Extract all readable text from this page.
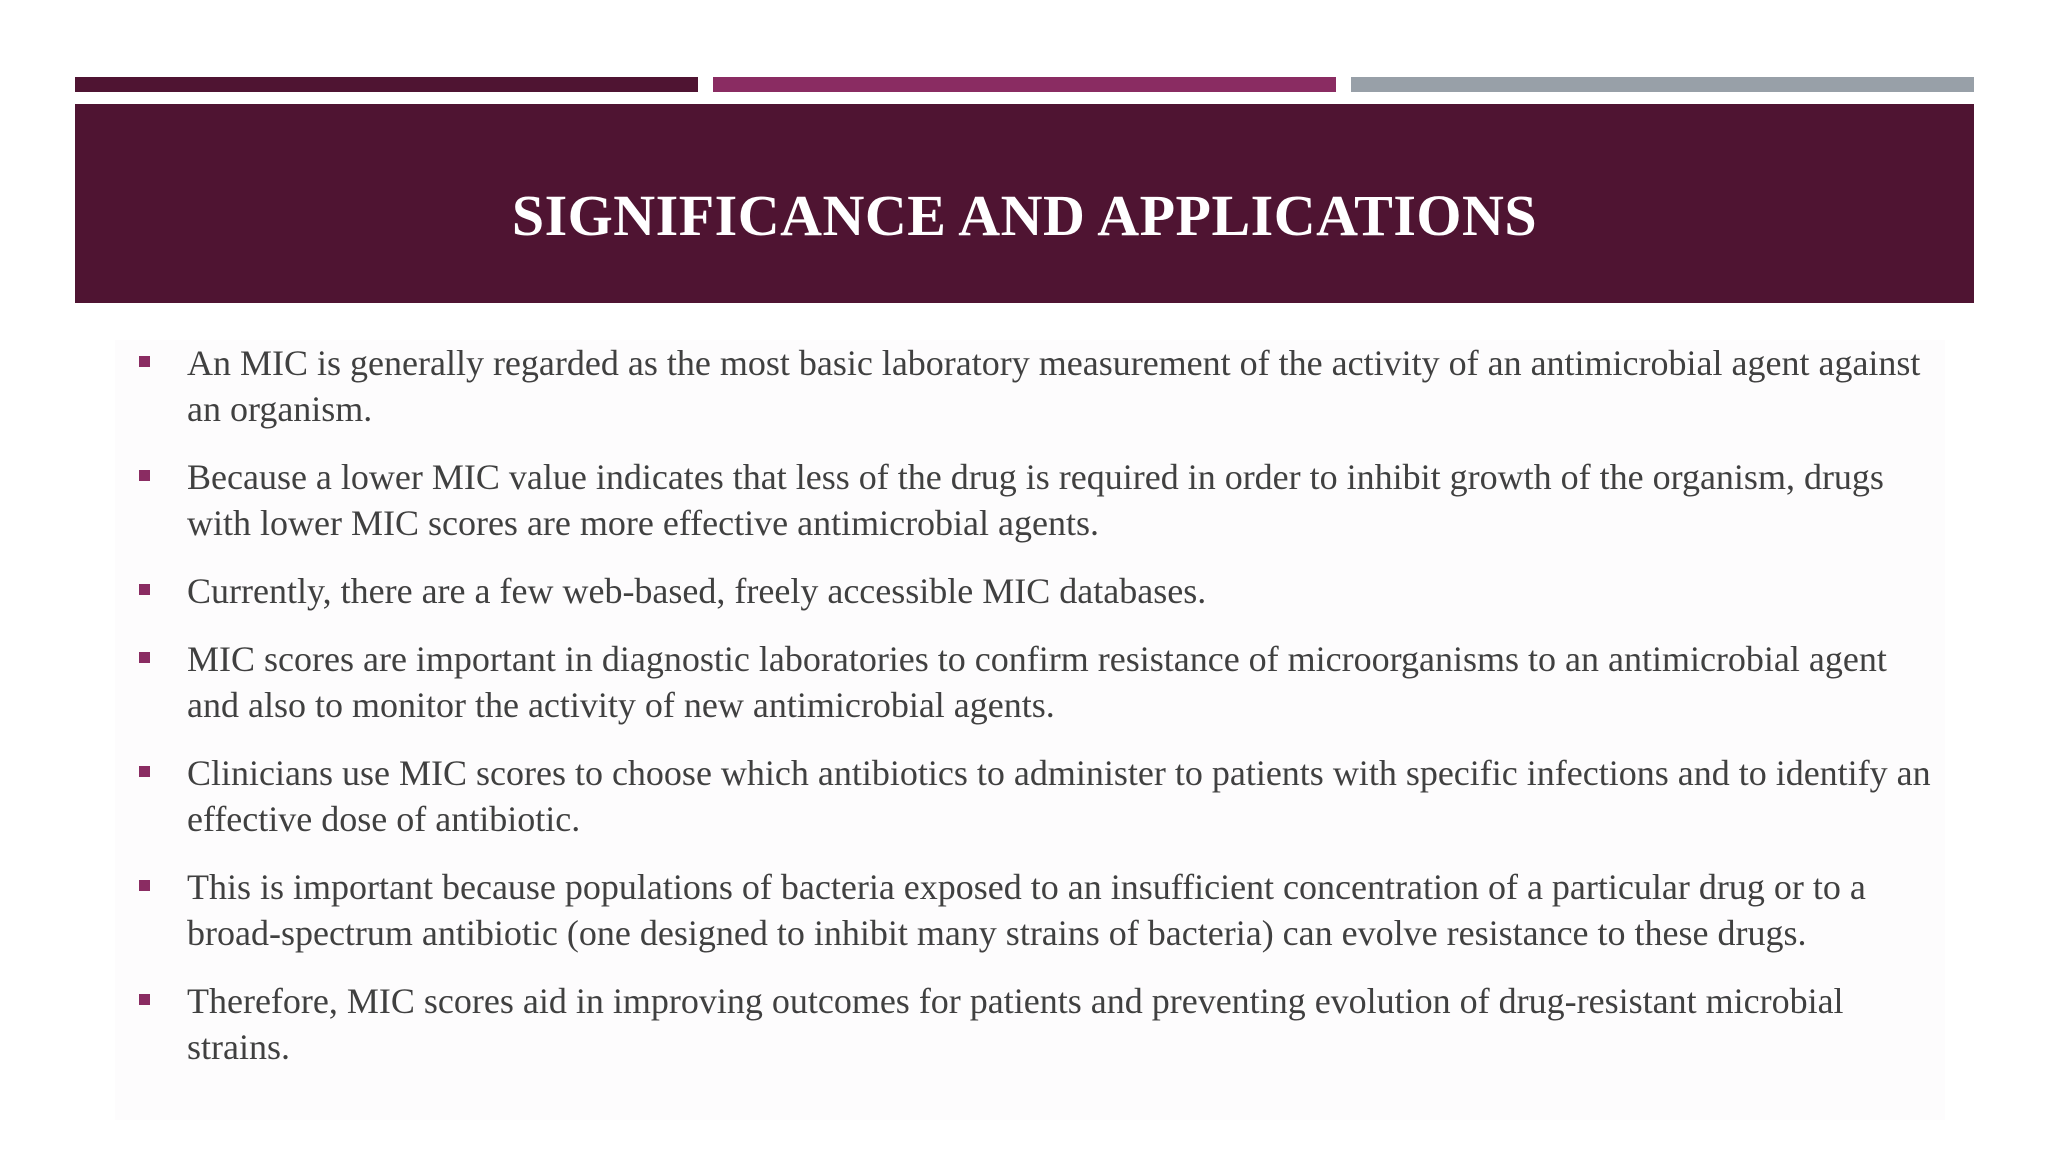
SIGNIFICANCE AND APPLICATIONS
An MIC is generally regarded as the most basic laboratory measurement of the activity of an antimicrobial agent against an organism.
Because a lower MIC value indicates that less of the drug is required in order to inhibit growth of the organism, drugs with lower MIC scores are more effective antimicrobial agents.
Currently, there are a few web-based, freely accessible MIC databases.
MIC scores are important in diagnostic laboratories to confirm resistance of microorganisms to an antimicrobial agent and also to monitor the activity of new antimicrobial agents.
Clinicians use MIC scores to choose which antibiotics to administer to patients with specific infections and to identify an effective dose of antibiotic.
This is important because populations of bacteria exposed to an insufficient concentration of a particular drug or to a broad-spectrum antibiotic (one designed to inhibit many strains of bacteria) can evolve resistance to these drugs.
Therefore, MIC scores aid in improving outcomes for patients and preventing evolution of drug-resistant microbial strains.
